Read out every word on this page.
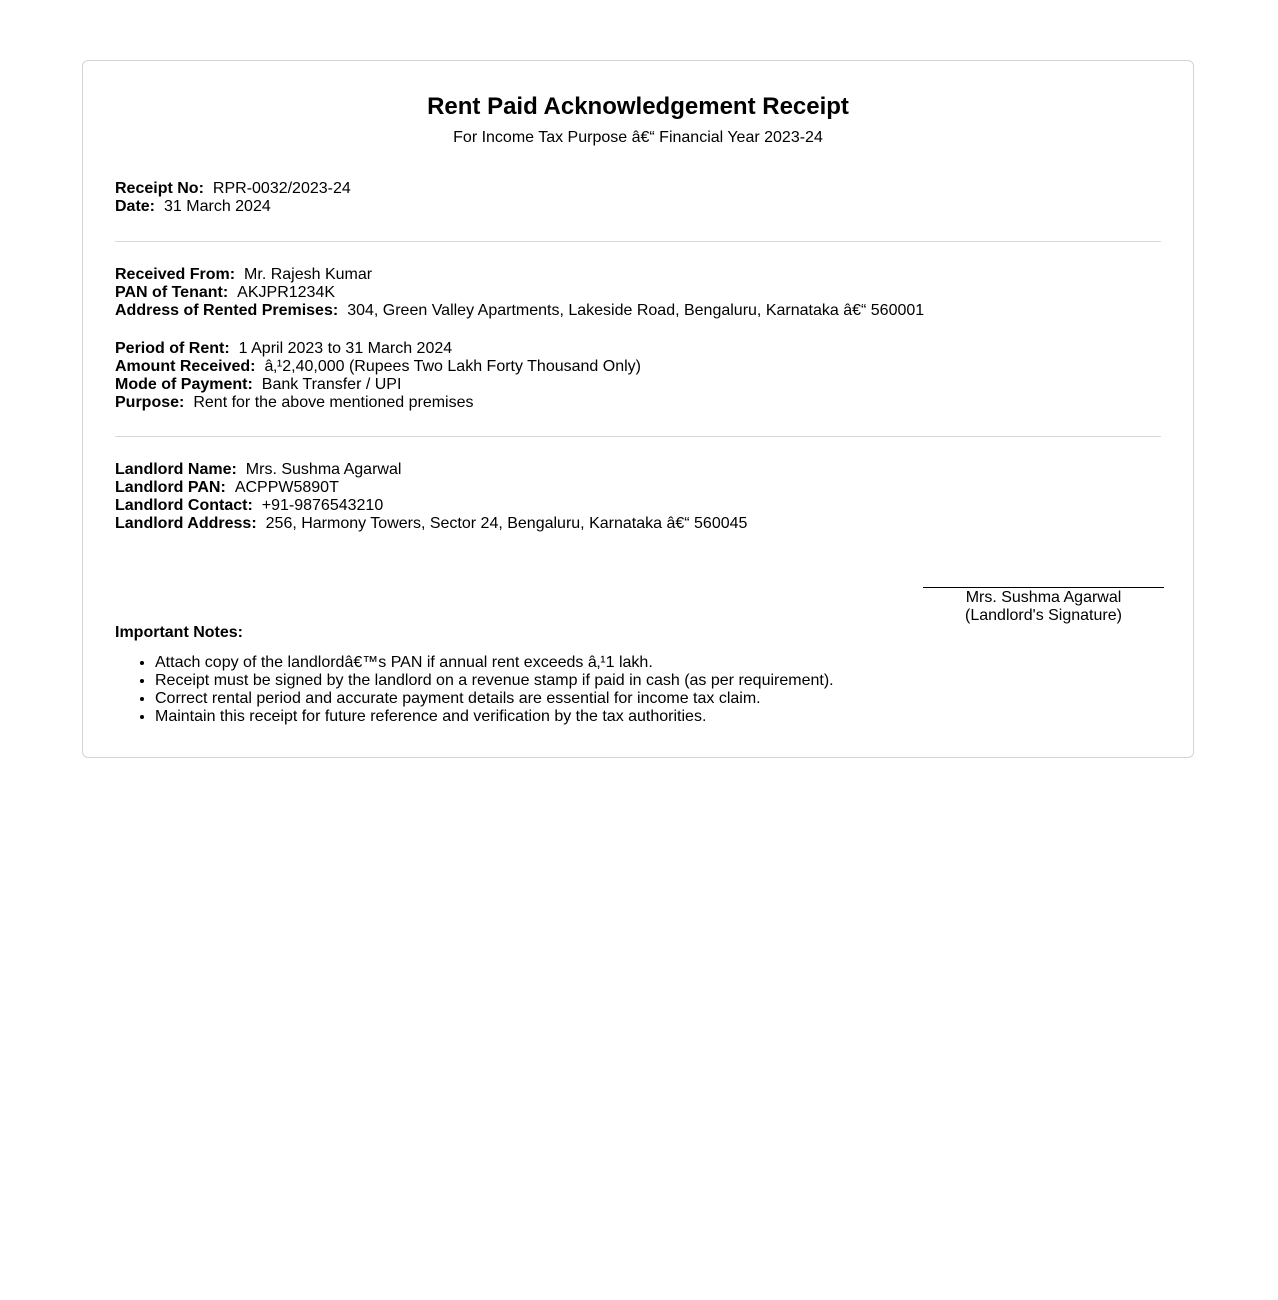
Rent Paid Acknowledgement Receipt

For Income Tax Purpose â€“ Financial Year 2023-24

Receipt No: RPR-0032/2023-24
Date: 31 March 2024
Received From: Mr. Rajesh Kumar
PAN of Tenant: AKJPR1234K
Address of Rented Premises: 304, Green Valley Apartments, Lakeside Road, Bengaluru, Karnataka â€“ 560001
Period of Rent: 1 April 2023 to 31 March 2024
Amount Received: â‚¹2,40,000 (Rupees Two Lakh Forty Thousand Only)
Mode of Payment: Bank Transfer / UPI
Purpose: Rent for the above mentioned premises
Landlord Name: Mrs. Sushma Agarwal
Landlord PAN: ACPPW5890T
Landlord Contact: +91-9876543210
Landlord Address: 256, Harmony Towers, Sector 24, Bengaluru, Karnataka â€“ 560045
Mrs. Sushma Agarwal
(Landlord's Signature)

Important Notes:

• Attach copy of the landlordâ€™s PAN if annual rent exceeds â‚¹1 lakh.
• Receipt must be signed by the landlord on a revenue stamp if paid in cash (as per requirement).
• Correct rental period and accurate payment details are essential for income tax claim.
• Maintain this receipt for future reference and verification by the tax authorities.
